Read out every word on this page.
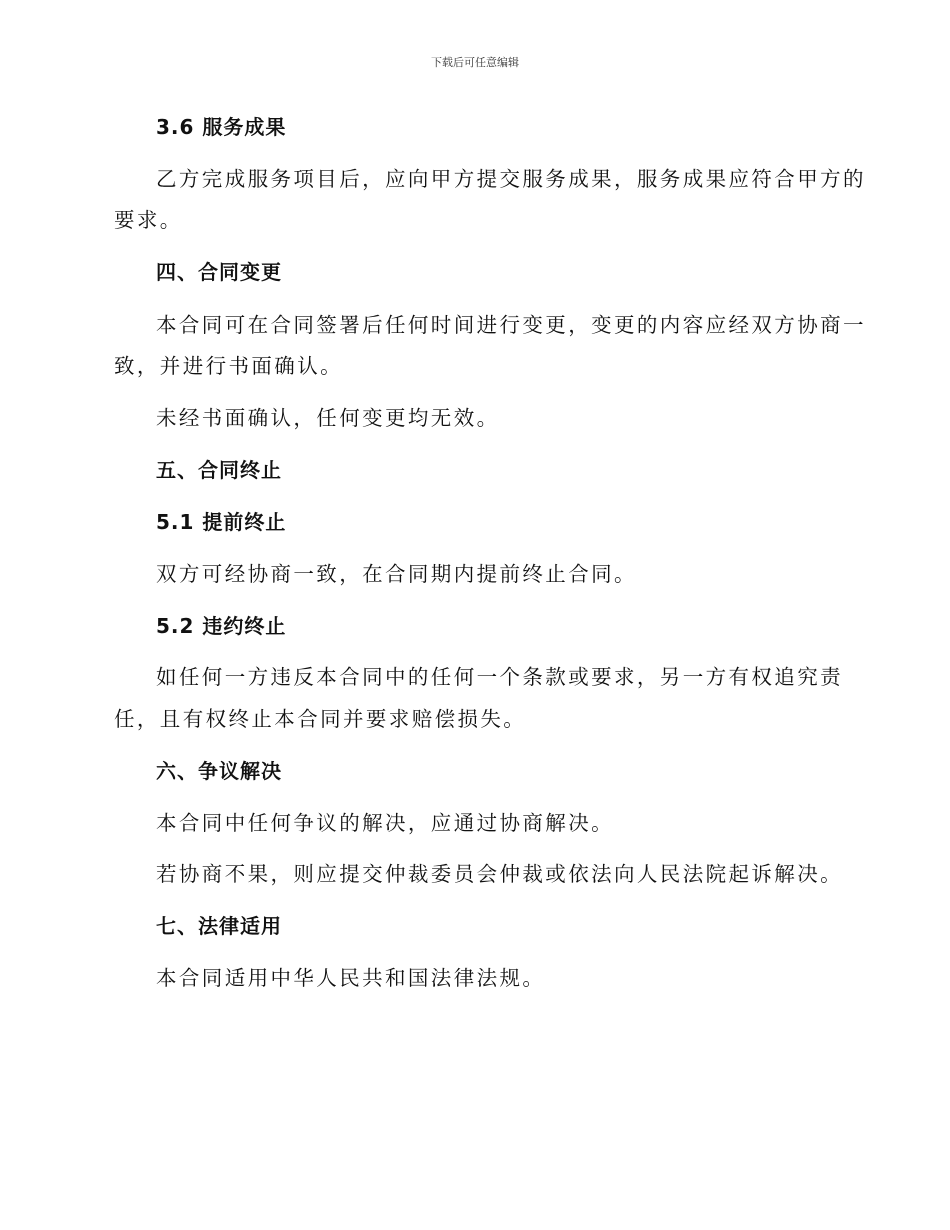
下载后可任意编辑
3.6 服务成果
乙方完成服务项目后，应向甲方提交服务成果，服务成果应符合甲方的
要求。
四、合同变更
本合同可在合同签署后任何时间进行变更，变更的内容应经双方协商一
致，并进行书面确认。
未经书面确认，任何变更均无效。
五、合同终止
5.1 提前终止
双方可经协商一致，在合同期内提前终止合同。
5.2 违约终止
如任何一方违反本合同中的任何一个条款或要求，另一方有权追究责
任，且有权终止本合同并要求赔偿损失。
六、争议解决
本合同中任何争议的解决，应通过协商解决。
若协商不果，则应提交仲裁委员会仲裁或依法向人民法院起诉解决。
七、法律适用
本合同适用中华人民共和国法律法规。
